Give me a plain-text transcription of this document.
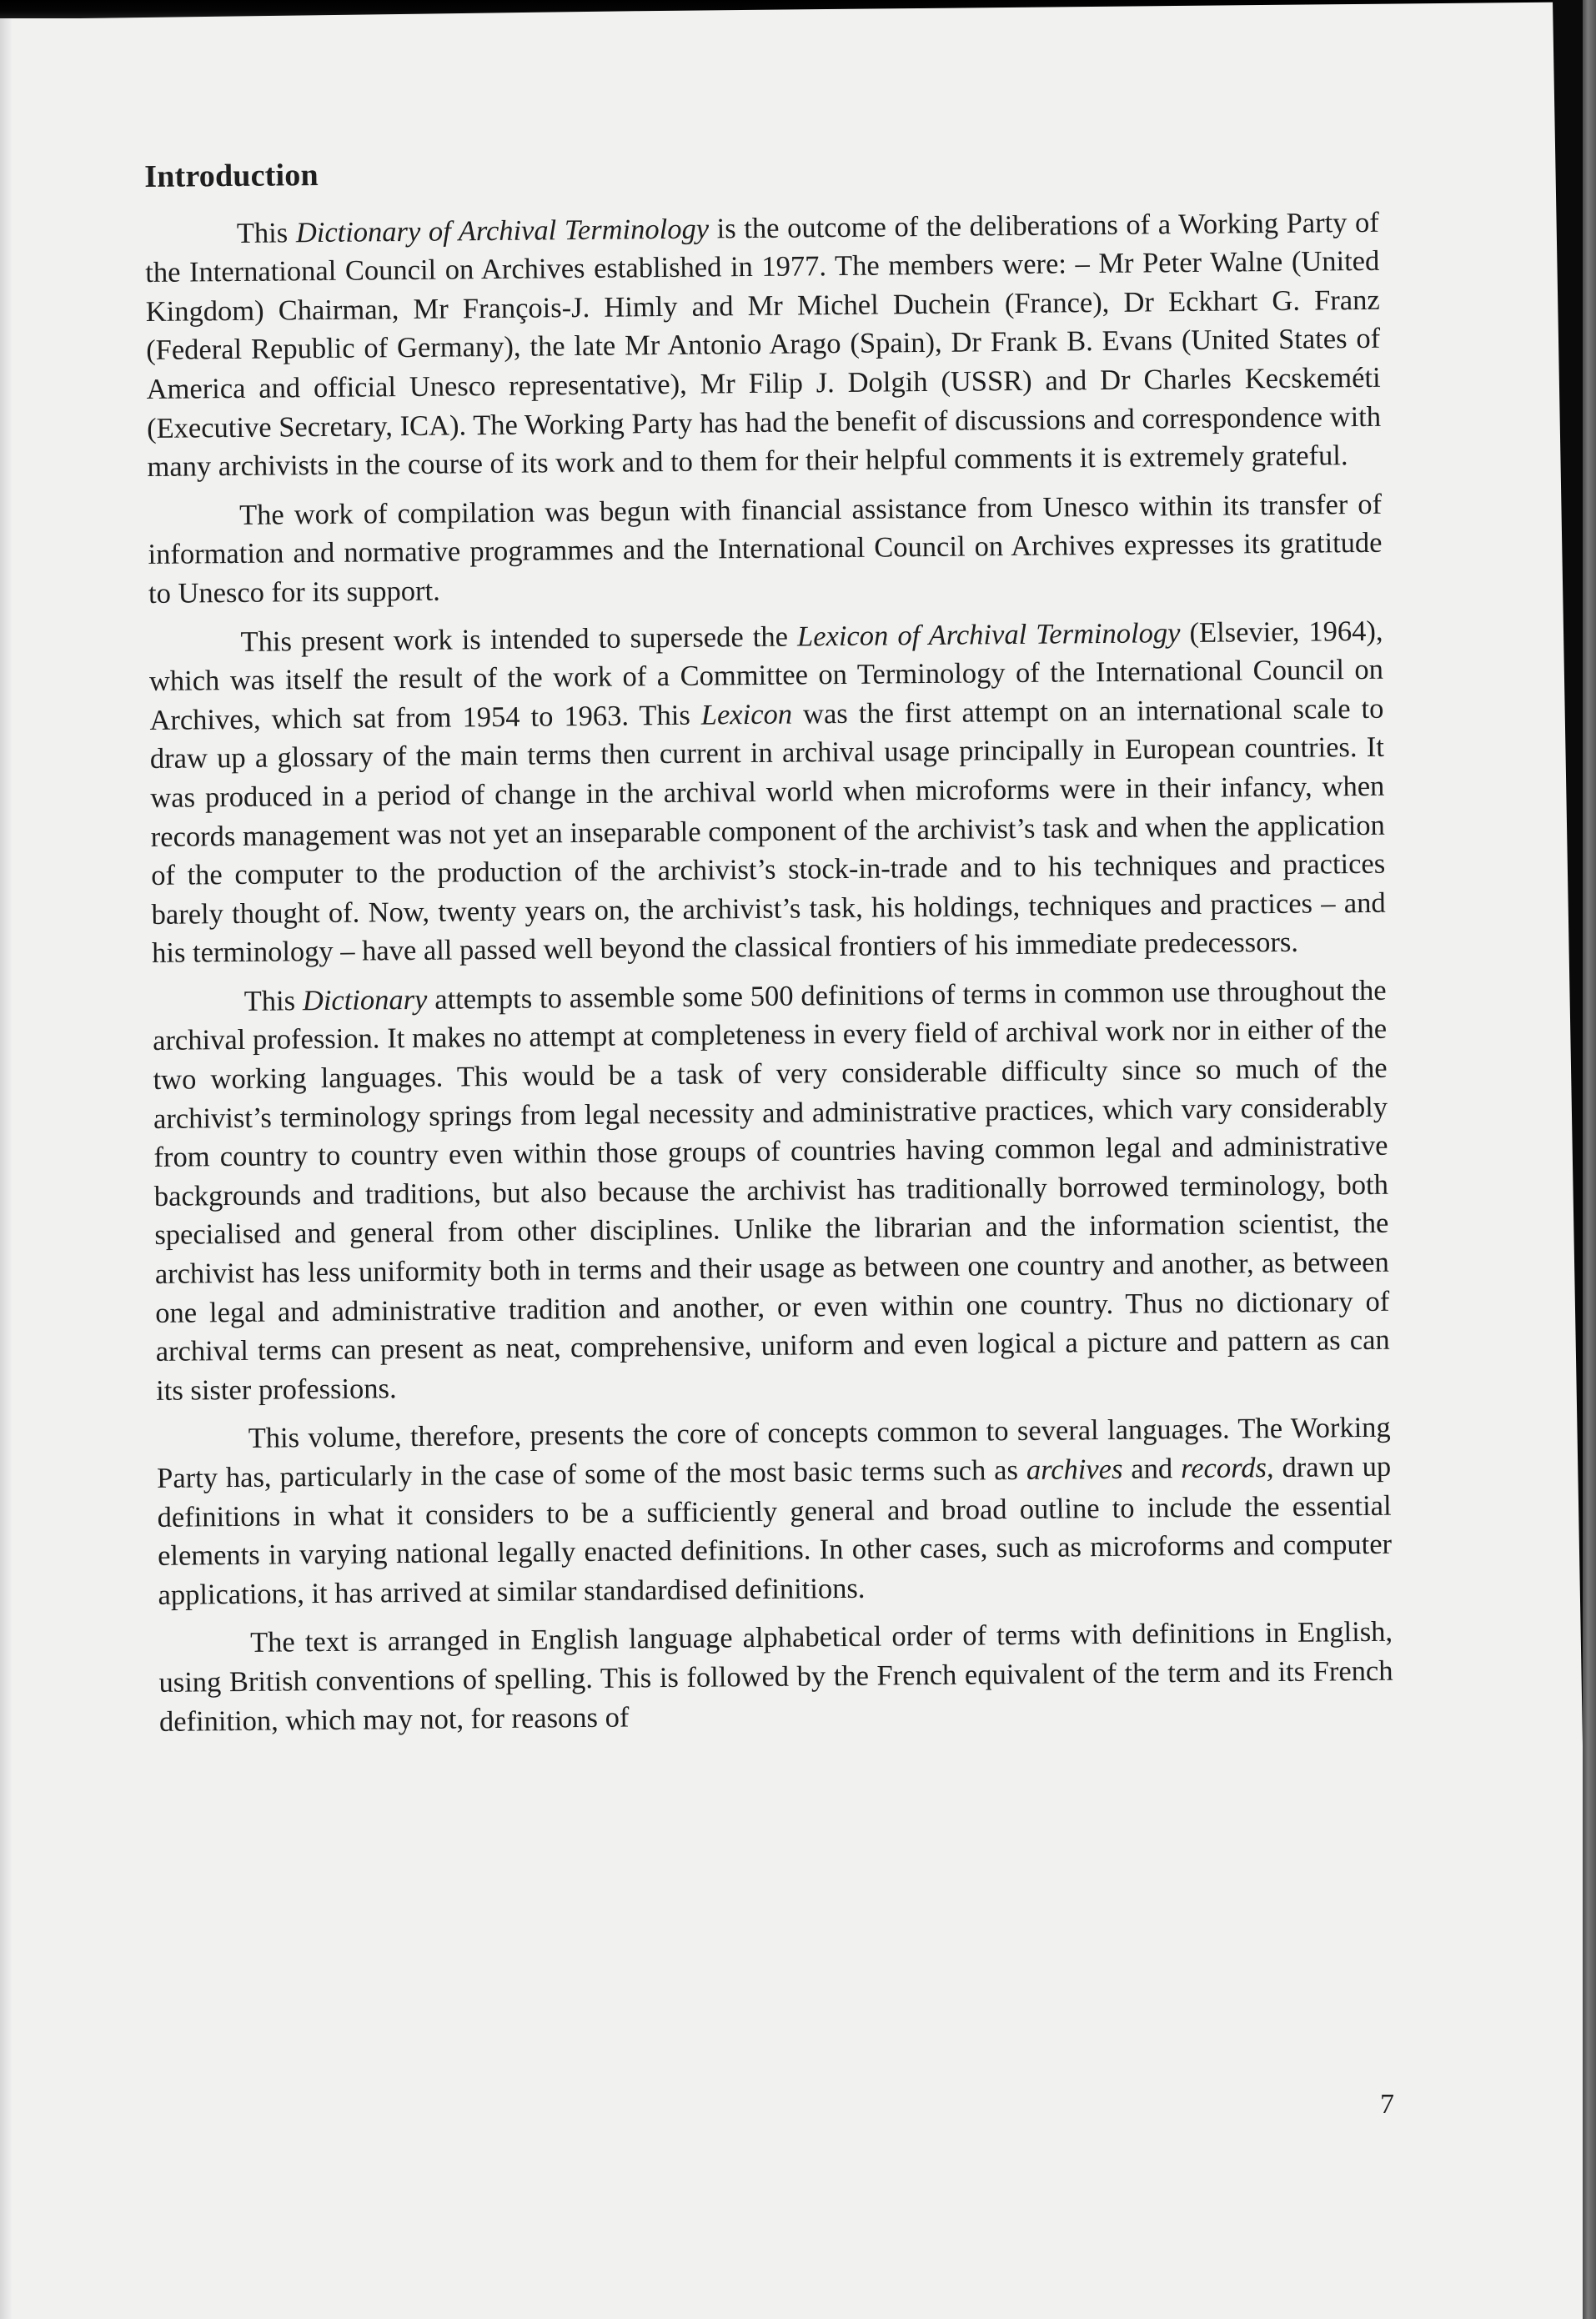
Introduction

This Dictionary of Archival Terminology is the outcome of the deliberations of a Working Party of the International Council on Archives established in 1977. The members were: – Mr Peter Walne (United Kingdom) Chairman, Mr François-J. Himly and Mr Michel Duchein (France), Dr Eckhart G. Franz (Federal Republic of Germany), the late Mr Antonio Arago (Spain), Dr Frank B. Evans (United States of America and official Unesco representative), Mr Filip J. Dolgih (USSR) and Dr Charles Kecskeméti (Executive Secretary, ICA). The Working Party has had the benefit of discussions and correspondence with many archivists in the course of its work and to them for their helpful comments it is extremely grateful.

The work of compilation was begun with financial assistance from Unesco within its transfer of information and normative programmes and the International Council on Archives expresses its gratitude to Unesco for its support.

This present work is intended to supersede the Lexicon of Archival Terminology (Elsevier, 1964), which was itself the result of the work of a Committee on Terminology of the International Council on Archives, which sat from 1954 to 1963. This Lexicon was the first attempt on an international scale to draw up a glossary of the main terms then current in archival usage principally in European countries. It was produced in a period of change in the archival world when microforms were in their infancy, when records management was not yet an inseparable component of the archivist’s task and when the application of the computer to the production of the archivist’s stock-in-trade and to his techniques and practices barely thought of. Now, twenty years on, the archivist’s task, his holdings, techniques and practices – and his terminology – have all passed well beyond the classical frontiers of his immediate predecessors.

This Dictionary attempts to assemble some 500 definitions of terms in common use throughout the archival profession. It makes no attempt at completeness in every field of archival work nor in either of the two working languages. This would be a task of very considerable difficulty since so much of the archivist’s terminology springs from legal necessity and administrative practices, which vary considerably from country to country even within those groups of countries having common legal and administrative backgrounds and traditions, but also because the archivist has traditionally borrowed terminology, both specialised and general from other disciplines. Unlike the librarian and the information scientist, the archivist has less uniformity both in terms and their usage as between one country and another, as between one legal and administrative tradition and another, or even within one country. Thus no dictionary of archival terms can present as neat, comprehensive, uniform and even logical a picture and pattern as can its sister professions.

This volume, therefore, presents the core of concepts common to several languages. The Working Party has, particularly in the case of some of the most basic terms such as archives and records, drawn up definitions in what it considers to be a sufficiently general and broad outline to include the essential elements in varying national legally enacted definitions. In other cases, such as microforms and computer applications, it has arrived at similar standardised definitions.

The text is arranged in English language alphabetical order of terms with definitions in English, using British conventions of spelling. This is followed by the French equivalent of the term and its French definition, which may not, for reasons of

7
